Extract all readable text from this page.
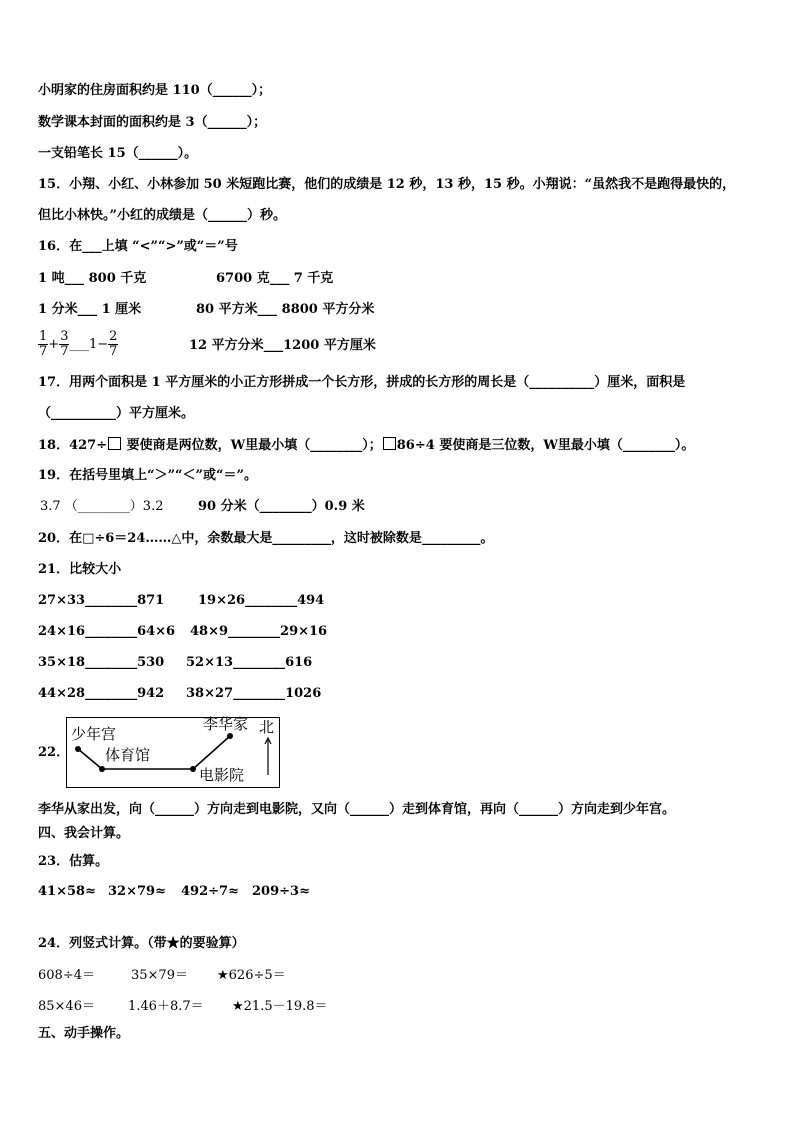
小明家的住房面积约是 110（______）；
数学课本封面的面积约是 3（______）；
一支铅笔长 15（______）。
15．小翔、小红、小林参加 50 米短跑比赛，他们的成绩是 12 秒，13 秒，15 秒。小翔说：“虽然我不是跑得最快的，
但比小林快。”小红的成绩是（______）秒。
16．在___上填 “<”“>”或“＝”号
1 吨___ 800 千克	6700 克___ 7 千克
1 分米___ 1 厘米	80 平方米___ 8800 平方分米
$\frac{1}{7} + \frac{3}{7}$ ___1− $\frac{2}{7}$	12 平方分米___1200 平方厘米
17．用两个面积是 1 平方厘米的小正方形拼成一个长方形，拼成的长方形的周长是（__________）厘米，面积是
（__________）平方厘米。
18．427÷ 要使商是两位数，W里最小填（________）； 86÷4 要使商是三位数，W里最小填（________）。
19．在括号里填上“＞”“＜”或“＝”。
3.7 （________）3.2	90 分米（________）0.9 米
20．在□÷6＝24……△中，余数最大是_________，这时被除数是_________。
21．比较大小
27×33________871	19×26________494
24×16________64×6 48×9________29×16
35×18________530 52×13________616
44×28________942 38×27________1026
22．
少年宫
体育馆
李华家 北
电影院
李华从家出发，向（______）方向走到电影院，又向（______）走到体育馆，再向（______）方向走到少年宫。
四、我会计算。
23．估算。
41×58≈ 32×79≈ 492÷7≈ 209÷3≈
24．列竖式计算。（带★的要验算）
608÷4＝	35×79＝ ★626÷5＝
85×46＝	1.46＋8.7＝ ★21.5－19.8＝
五、动手操作。
